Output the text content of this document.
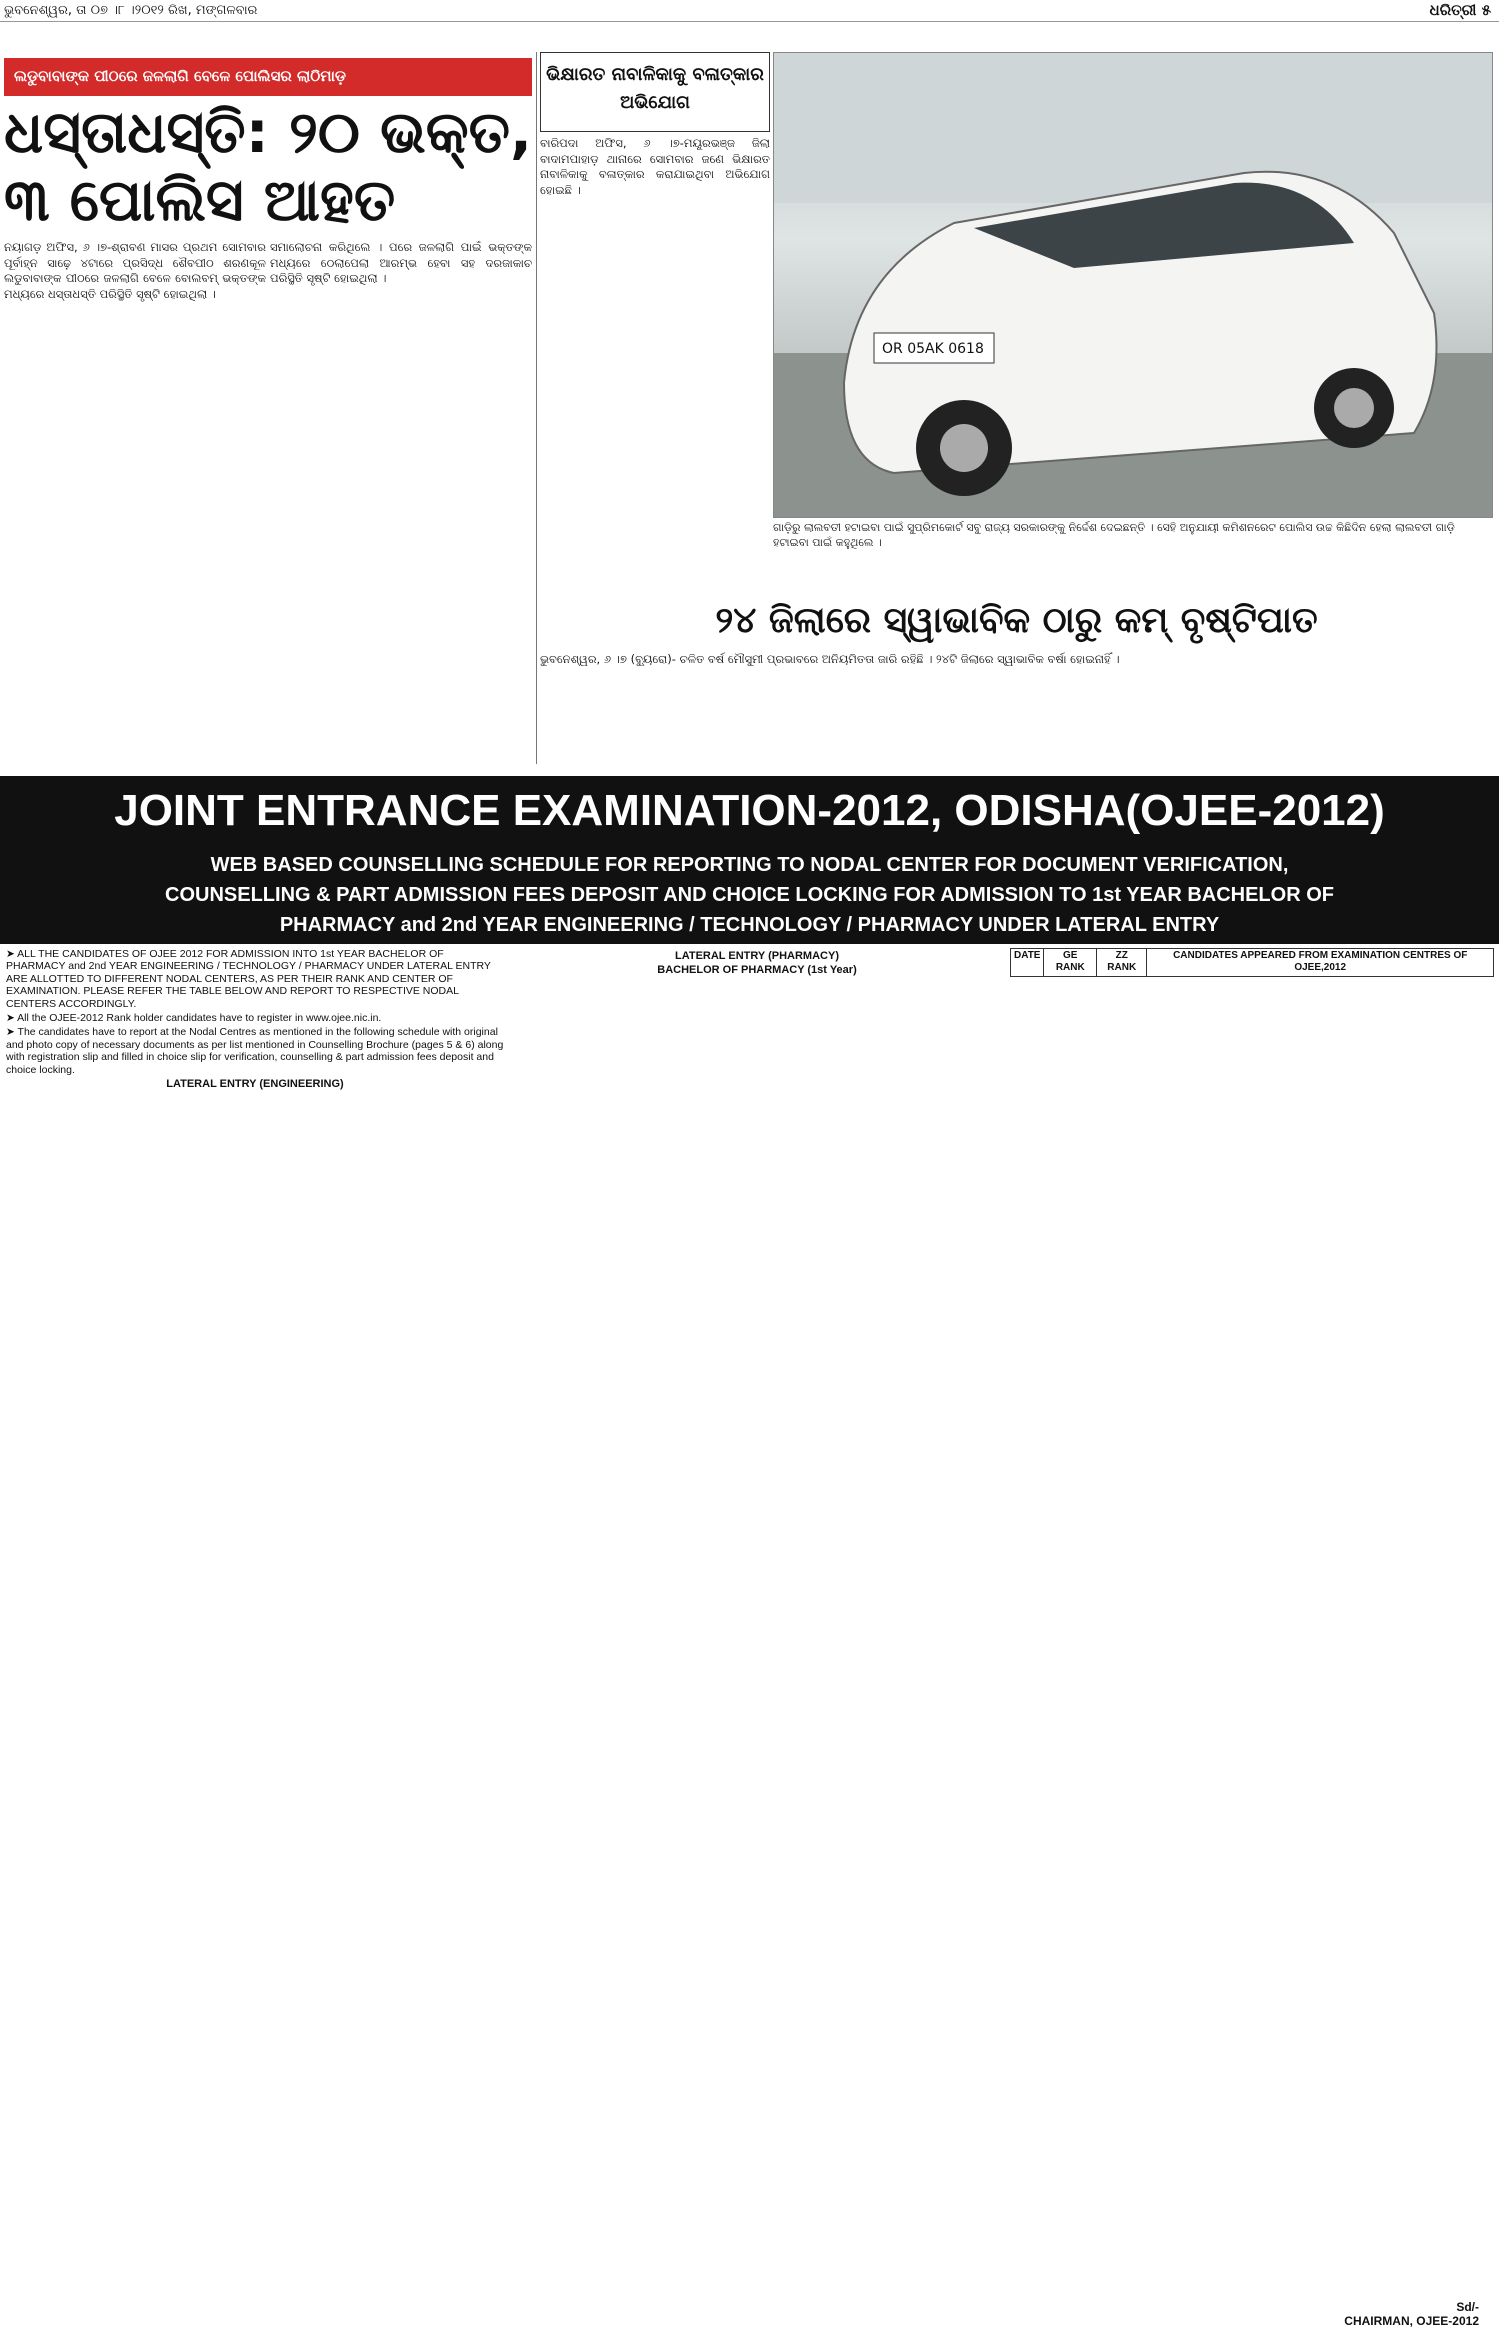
ଭୁବନେଶ୍ୱର, ତା ୦୭ ।୮ ।୨୦୧୨ ରିଖ, ମଙ୍ଗଳବାର	ଧରିତ୍ରୀ ୫
ଲଡୁବାବାଙ୍କ ପୀଠରେ ଜଳଲାଗି ବେଳେ ପୋଲିସର ଲାଠିମାଡ଼
ଧସ୍ତାଧସ୍ତି: ୨୦ ଭକ୍ତ,
୩ ପୋଲିସ ଆହତ
ନୟାଗଡ଼ ଅଫିସ, ୬ ।୭-ଶ୍ରାବଣ ମାସର ପ୍ରଥମ ସୋମବାର ପୂର୍ବାହ୍ନ ସାଢ଼େ ୪ଟାରେ ପ୍ରସିଦ୍ଧ ଶୈବପୀଠ ଶରଣକୂଳ ଲଡୁବାବାଙ୍କ ପୀଠରେ ଜଳଲାଗି ବେଳେ ବୋଲବମ୍ ଭକ୍ତଙ୍କ ମଧ୍ୟରେ ଧସ୍ତାଧସ୍ତି ପରିସ୍ଥିତି ସୃଷ୍ଟି ହୋଇଥିଲା ।
ସମାଲୋଚନା କରିଥିଲେ । ପରେ ଜଳଲାଗି ପାଇଁ ଭକ୍ତଙ୍କ ମଧ୍ୟରେ ଠେଲାପେଲା ଆରମ୍ଭ ହେବା ସହ ଦରଜାକାଚ ପରିସ୍ଥିତି ସୃଷ୍ଟି ହୋଇଥିଲା ।
ଭିକ୍ଷାରତ ନାବାଳିକାକୁ ବଳାତ୍କାର ଅଭିଯୋଗ
ବାରିପଦା ଅଫିସ, ୬ ।୭-ମୟୂରଭଞ୍ଜ ଜିଲା ବାଦାମପାହାଡ଼ ଥାନାରେ ସୋମବାର ଜଣେ ଭିକ୍ଷାରତ ନାବାଳିକାକୁ ବଳାତ୍କାର କରାଯାଇଥିବା ଅଭିଯୋଗ ହୋଇଛି ।
OR 05AK 0618
ଗାଡ଼ିରୁ ଲାଲବତୀ ହଟାଇବା ପାଇଁ ସୁପ୍ରିମକୋର୍ଟ ସବୁ ରାଜ୍ୟ ସରକାରଙ୍କୁ ନିର୍ଦ୍ଦେଶ ଦେଇଛନ୍ତି । ସେହି ଅନୁଯାୟୀ କମିଶନରେଟ ପୋଲିସ ଉଚ୍ଚ କିଛିଦିନ ହେଲା ଲାଲବତୀ ଗାଡ଼ି ହଟାଇବା ପାଇଁ କହୁଥିଲେ ।
୨୪ ଜିଲାରେ ସ୍ୱାଭାବିକ ଠାରୁ କମ୍ ବୃଷ୍ଟିପାତ
ଭୁବନେଶ୍ୱର, ୬ ।୭ (ବ୍ୟୁରୋ)- ଚଳିତ ବର୍ଷ ମୌସୁମୀ ପ୍ରଭାବରେ ଅନିୟମିତତା ଜାରି ରହିଛି । ୨୪ଟି ଜିଲାରେ ସ୍ୱାଭାବିକ ବର୍ଷା ହୋଇନାହିଁ ।
JOINT ENTRANCE EXAMINATION-2012, ODISHA(OJEE-2012)
WEB BASED COUNSELLING SCHEDULE FOR REPORTING TO NODAL CENTER FOR DOCUMENT VERIFICATION,
COUNSELLING & PART ADMISSION FEES DEPOSIT AND CHOICE LOCKING FOR ADMISSION TO 1st YEAR BACHELOR OF
PHARMACY and 2nd YEAR ENGINEERING / TECHNOLOGY / PHARMACY UNDER LATERAL ENTRY

➤ ALL THE CANDIDATES OF OJEE 2012 FOR ADMISSION INTO 1st YEAR BACHELOR OF PHARMACY and 2nd YEAR ENGINEERING / TECHNOLOGY / PHARMACY UNDER LATERAL ENTRY ARE ALLOTTED TO DIFFERENT NODAL CENTERS, AS PER THEIR RANK AND CENTER OF EXAMINATION. PLEASE REFER THE TABLE BELOW AND REPORT TO RESPECTIVE NODAL CENTERS ACCORDINGLY.

➤ All the OJEE-2012 Rank holder candidates have to register in www.ojee.nic.in.

➤ The candidates have to report at the Nodal Centres as mentioned in the following schedule with original and photo copy of necessary documents as per list mentioned in Counselling Brochure (pages 5 & 6) along with registration slip and filled in choice slip for verification, counselling & part admission fees deposit and choice locking.

LATERAL ENTRY (ENGINEERING)
LATERAL ENTRY (PHARMACY)
BACHELOR OF PHARMACY (1st Year)
DATE	GE RANK	ZZ RANK	CANDIDATES APPEARED FROM EXAMINATION CENTRES OF OJEE,2012
Sd/-
CHAIRMAN, OJEE-2012
